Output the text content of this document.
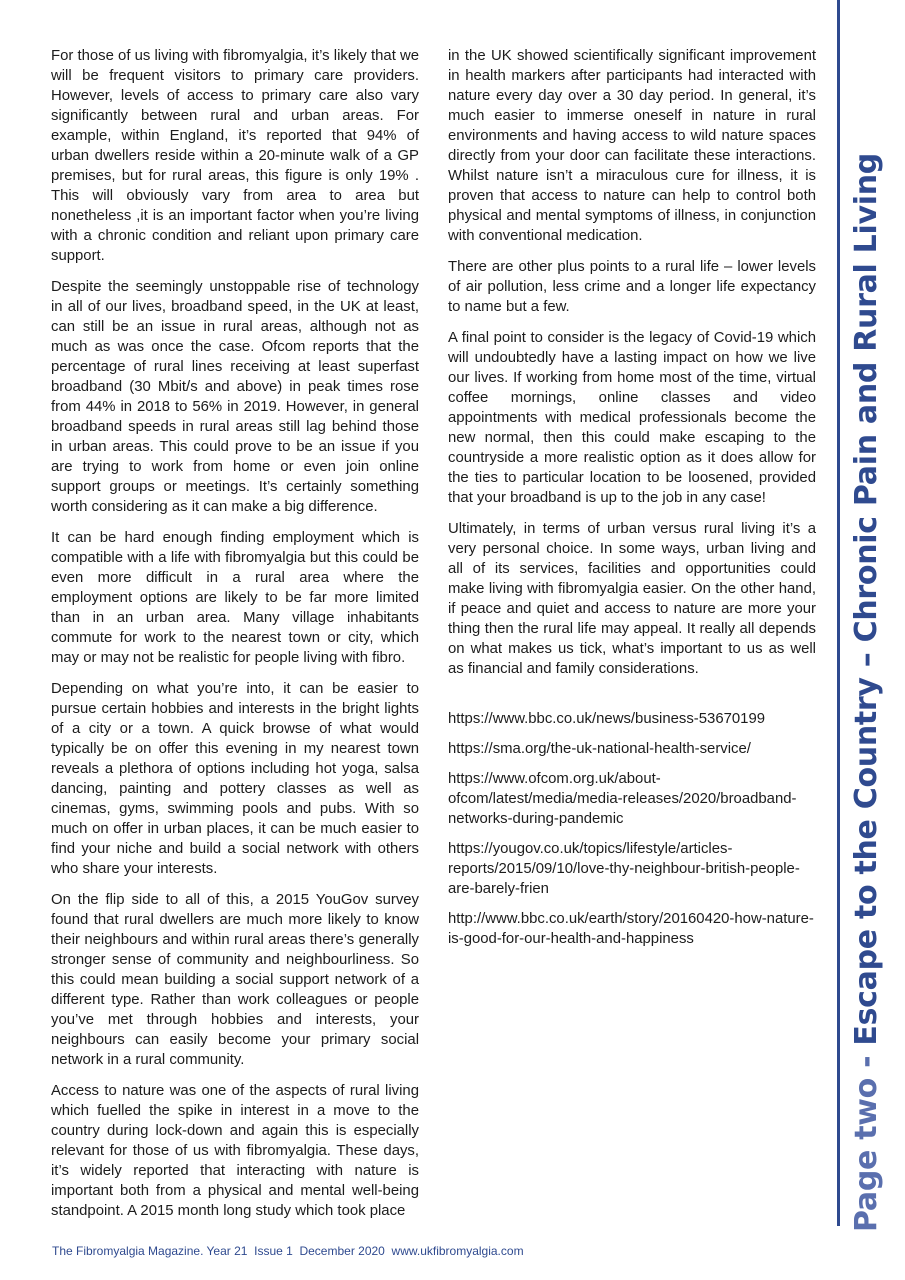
For those of us living with fibromyalgia, it’s likely that we will be frequent visitors to primary care providers. However, levels of access to primary care also vary significantly between rural and urban areas. For example, within England, it’s reported that 94% of urban dwellers reside within a 20-minute walk of a GP premises, but for rural areas, this figure is only 19% . This will obviously vary from area to area but nonetheless ,it is an important factor when you’re living with a chronic condition and reliant upon primary care support.

Despite the seemingly unstoppable rise of technology in all of our lives, broadband speed, in the UK at least, can still be an issue in rural areas, although not as much as was once the case. Ofcom reports that the percentage of rural lines receiving at least superfast broadband (30 Mbit/s and above) in peak times rose from 44% in 2018 to 56% in 2019. However, in general broadband speeds in rural areas still lag behind those in urban areas. This could prove to be an issue if you are trying to work from home or even join online support groups or meetings. It’s certainly something worth considering as it can make a big difference.

It can be hard enough finding employment which is compatible with a life with fibromyalgia but this could be even more difficult in a rural area where the employment options are likely to be far more limited than in an urban area. Many village inhabitants commute for work to the nearest town or city, which may or may not be realistic for people living with fibro.

Depending on what you’re into, it can be easier to pursue certain hobbies and interests in the bright lights of a city or a town. A quick browse of what would typically be on offer this evening in my nearest town reveals a plethora of options including hot yoga, salsa dancing, painting and pottery classes as well as cinemas, gyms, swimming pools and pubs. With so much on offer in urban places, it can be much easier to find your niche and build a social network with others who share your interests.

On the flip side to all of this, a 2015 YouGov survey found that rural dwellers are much more likely to know their neighbours and within rural areas there’s generally stronger sense of community and neighbourliness. So this could mean building a social support network of a different type. Rather than work colleagues or people you’ve met through hobbies and interests, your neighbours can easily become your primary social network in a rural community.

Access to nature was one of the aspects of rural living which fuelled the spike in interest in a move to the country during lock-down and again this is especially relevant for those of us with fibromyalgia. These days, it’s widely reported that interacting with nature is important both from a physical and mental well-being standpoint. A 2015 month long study which took place

in the UK showed scientifically significant improvement in health markers after participants had interacted with nature every day over a 30 day period. In general, it’s much easier to immerse oneself in nature in rural environments and having access to wild nature spaces directly from your door can facilitate these interactions. Whilst nature isn’t a miraculous cure for illness, it is proven that access to nature can help to control both physical and mental symptoms of illness, in conjunction with conventional medication.

There are other plus points to a rural life – lower levels of air pollution, less crime and a longer life expectancy to name but a few.

A final point to consider is the legacy of Covid-19 which will undoubtedly have a lasting impact on how we live our lives. If working from home most of the time, virtual coffee mornings, online classes and video appointments with medical professionals become the new normal, then this could make escaping to the countryside a more realistic option as it does allow for the ties to particular location to be loosened, provided that your broadband is up to the job in any case!

Ultimately, in terms of urban versus rural living it’s a very personal choice. In some ways, urban living and all of its services, facilities and opportunities could make living with fibromyalgia easier. On the other hand, if peace and quiet and access to nature are more your thing then the rural life may appeal. It really all depends on what makes us tick, what’s important to us as well as financial and family considerations.

https://www.bbc.co.uk/news/business-53670199

https://sma.org/the-uk-national-health-service/

https://www.ofcom.org.uk/about-ofcom/latest/media/media-releases/2020/broadband-networks-during-pandemic

https://yougov.co.uk/topics/lifestyle/articles-reports/2015/09/10/love-thy-neighbour-british-people-are-barely-frien

http://www.bbc.co.uk/earth/story/20160420-how-nature-is-good-for-our-health-and-happiness

Page two - Escape to the Country – Chronic Pain and Rural Living
The Fibromyalgia Magazine. Year 21  Issue 1  December 2020  www.ukfibromyalgia.com
